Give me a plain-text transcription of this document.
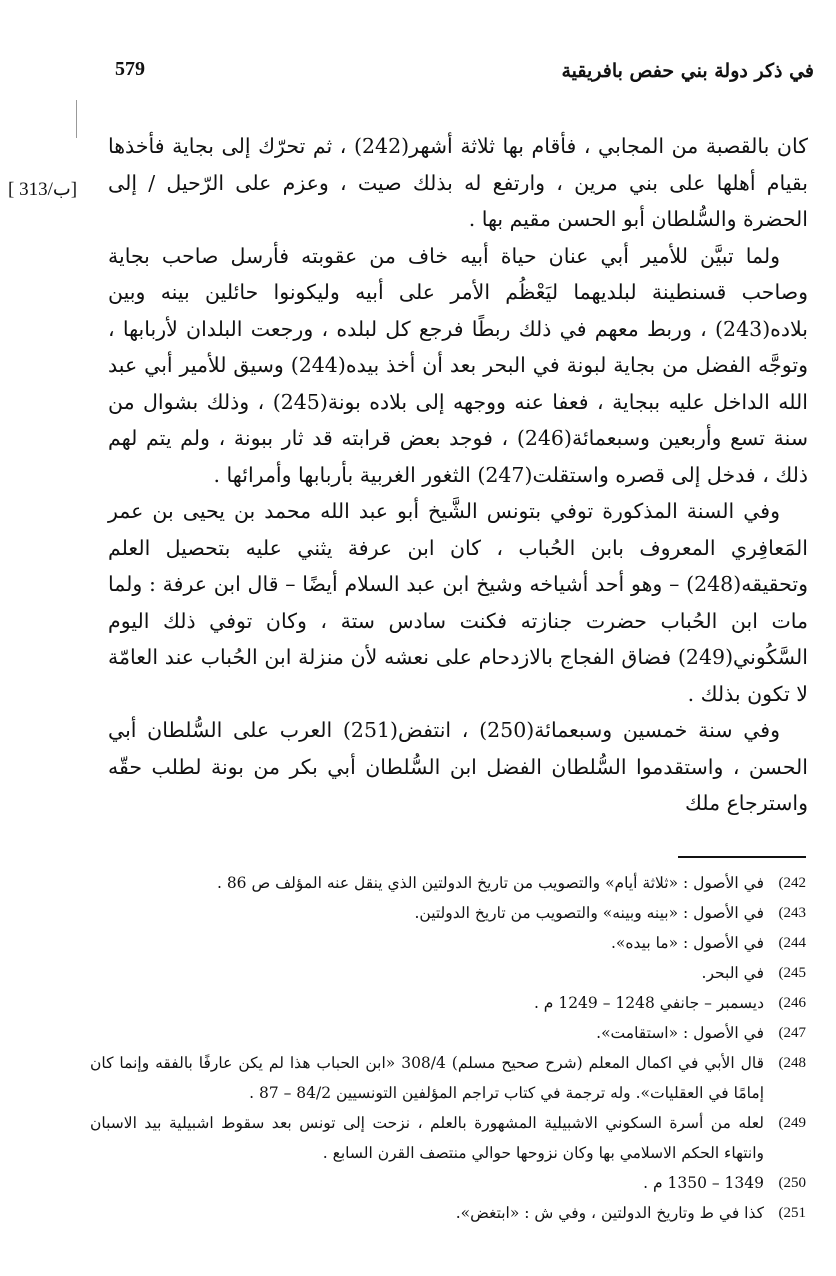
579	في ذكر دولة بني حفص بافريقية
[ 313/ب]

كان بالقصبة من المجابي ، فأقام بها ثلاثة أشهر(242) ، ثم تحرّك إلى بجاية فأخذها بقيام أهلها على بني مرين ، وارتفع له بذلك صيت ، وعزم على الرّحيل / إلى الحضرة والسُّلطان أبو الحسن مقيم بها .

ولما تبيَّن للأمير أبي عنان حياة أبيه خاف من عقوبته فأرسل صاحب بجاية وصاحب قسنطينة لبلديهما ليَعْظُم الأمر على أبيه وليكونوا حائلين بينه وبين بلاده(243) ، وربط معهم في ذلك ربطًا فرجع كل لبلده ، ورجعت البلدان لأربابها ، وتوجَّه الفضل من بجاية لبونة في البحر بعد أن أخذ بيده(244) وسيق للأمير أبي عبد الله الداخل عليه ببجاية ، فعفا عنه ووجهه إلى بلاده بونة(245) ، وذلك بشوال من سنة تسع وأربعين وسبعمائة(246) ، فوجد بعض قرابته قد ثار ببونة ، ولم يتم لهم ذلك ، فدخل إلى قصره واستقلت(247) الثغور الغربية بأربابها وأمرائها .

وفي السنة المذكورة توفي بتونس الشَّيخ أبو عبد الله محمد بن يحيى بن عمر المَعافِري المعروف بابن الحُباب ، كان ابن عرفة يثني عليه بتحصيل العلم وتحقيقه(248) – وهو أحد أشياخه وشيخ ابن عبد السلام أيضًا – قال ابن عرفة : ولما مات ابن الحُباب حضرت جنازته فكنت سادس ستة ، وكان توفي ذلك اليوم السَّكُوني(249) فضاق الفجاج بالازدحام على نعشه لأن منزلة ابن الحُباب عند العامّة لا تكون بذلك .

وفي سنة خمسين وسبعمائة(250) ، انتفض(251) العرب على السُّلطان أبي الحسن ، واستقدموا السُّلطان الفضل ابن السُّلطان أبي بكر من بونة لطلب حقّه واسترجاع ملك

242)
في الأصول : «ثلاثة أيام» والتصويب من تاريخ الدولتين الذي ينقل عنه المؤلف ص 86 .
243)
في الأصول : «بينه وبينه» والتصويب من تاريخ الدولتين.
244)
في الأصول : «ما بيده».
245)
في البحر.
246)
ديسمبر – جانفي 1248 – 1249 م .
247)
في الأصول : «استقامت».
248)
قال الأبي في اكمال المعلم (شرح صحيح مسلم) 308/4 «ابن الحباب هذا لم يكن عارفًا بالفقه وإنما كان إمامًا في العقليات». وله ترجمة في كتاب تراجم المؤلفين التونسيين 84/2 – 87 .
249)
لعله من أسرة السكوني الاشبيلية المشهورة بالعلم ، نزحت إلى تونس بعد سقوط اشبيلية بيد الاسبان وانتهاء الحكم الاسلامي بها وكان نزوحها حوالي منتصف القرن السابع .
250)
1349 – 1350 م .
251)
كذا في ط وتاريخ الدولتين ، وفي ش : «ابتغض».
